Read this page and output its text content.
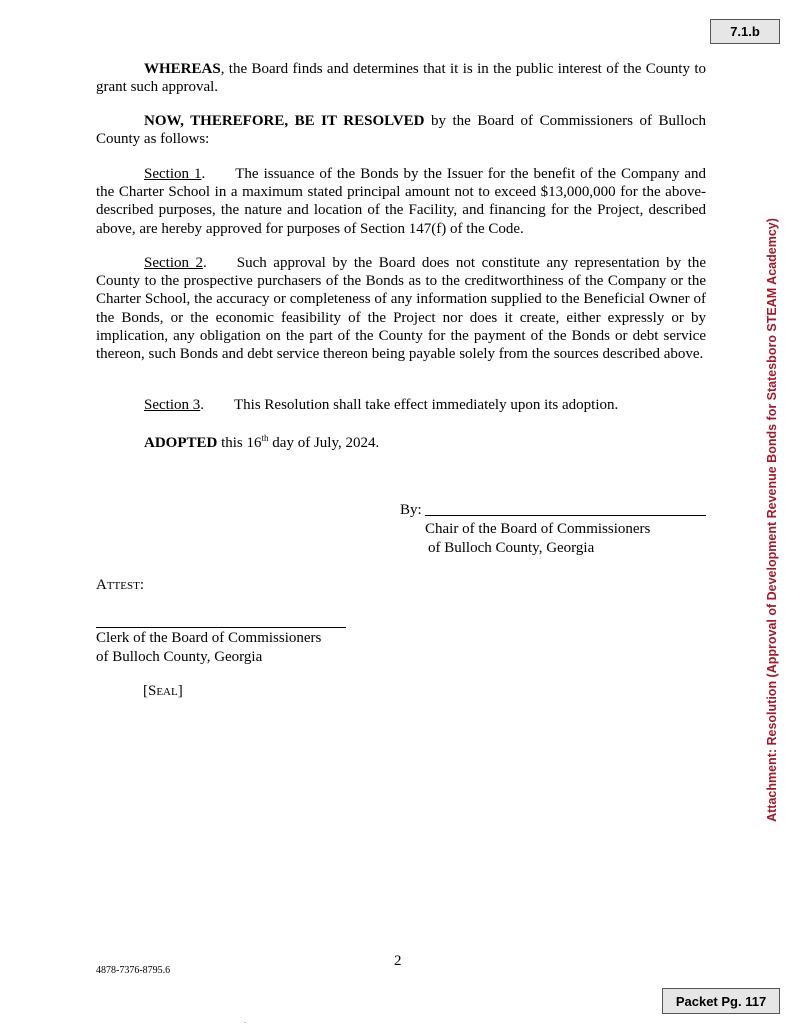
7.1.b
Attachment: Resolution (Approval of Development Revenue Bonds for Statesboro STEAM Academcy)

WHEREAS, the Board finds and determines that it is in the public interest of the County to grant such approval.

NOW, THEREFORE, BE IT RESOLVED by the Board of Commissioners of Bulloch County as follows:

Section 1. The issuance of the Bonds by the Issuer for the benefit of the Company and the Charter School in a maximum stated principal amount not to exceed $13,000,000 for the above-described purposes, the nature and location of the Facility, and financing for the Project, described above, are hereby approved for purposes of Section 147(f) of the Code.

Section 2. Such approval by the Board does not constitute any representation by the County to the prospective purchasers of the Bonds as to the creditworthiness of the Company or the Charter School, the accuracy or completeness of any information supplied to the Beneficial Owner of the Bonds, or the economic feasibility of the Project nor does it create, either expressly or by implication, any obligation on the part of the County for the payment of the Bonds or debt service thereon, such Bonds and debt service thereon being payable solely from the sources described above.

Section 3. This Resolution shall take effect immediately upon its adoption.

ADOPTED this 16th day of July, 2024.

By:
Chair of the Board of Commissioners
of Bulloch County, Georgia
Attest:
Clerk of the Board of Commissioners
of Bulloch County, Georgia
[Seal]
2
4878-7376-8795.6
.
Packet Pg. 117
